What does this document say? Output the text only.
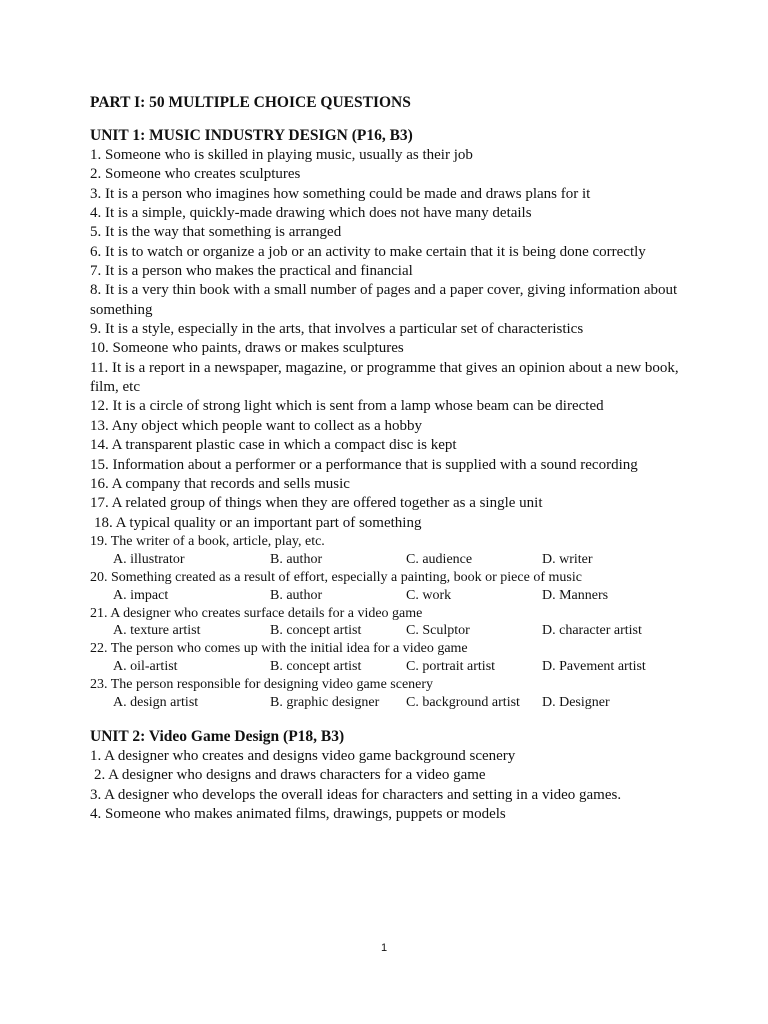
PART I: 50 MULTIPLE CHOICE QUESTIONS
UNIT 1: MUSIC INDUSTRY DESIGN (P16, B3)
1. Someone who is skilled in playing music, usually as their job
2. Someone who creates sculptures
3. It is a person who imagines how something could be made and draws plans for it
4. It is a simple, quickly-made drawing which does not have many details
5. It is the way that something is arranged
6. It is to watch or organize a job or an activity to make certain that it is being done correctly
7. It is a person who makes the practical and financial
8. It is a very thin book with a small number of pages and a paper cover, giving information about something
9. It is a style, especially in the arts, that involves a particular set of characteristics
10. Someone who paints, draws or makes sculptures
11. It is a report in a newspaper, magazine, or programme that gives an opinion about a new book, film, etc
12. It is a circle of strong light which is sent from a lamp whose beam can be directed
13. Any object which people want to collect as a hobby
14. A transparent plastic case in which a compact disc is kept
15. Information about a performer or a performance that is supplied with a sound recording
16. A company that records and sells music
17. A related group of things when they are offered together as a single unit
18. A typical quality or an important part of something
19. The writer of a book, article, play, etc.
A. illustrator	B. author	C. audience	D. writer
20. Something created as a result of effort, especially a painting, book or piece of music
A. impact	B. author	C. work	D. Manners
21. A designer who creates surface details for a video game
A. texture artist	B. concept artist	C. Sculptor	D. character artist
22. The person who comes up with the initial idea for a video game
A. oil-artist	B. concept artist	C. portrait artist	D. Pavement artist
23. The person responsible for designing video game scenery
A. design artist	B. graphic designer	C. background artist	D. Designer
UNIT 2: Video Game Design (P18, B3)
1. A designer who creates and designs video game background scenery
2. A designer who designs and draws characters for a video game
3. A designer who develops the overall ideas for characters and setting in a video games.
4. Someone who makes animated films, drawings, puppets or models
1
